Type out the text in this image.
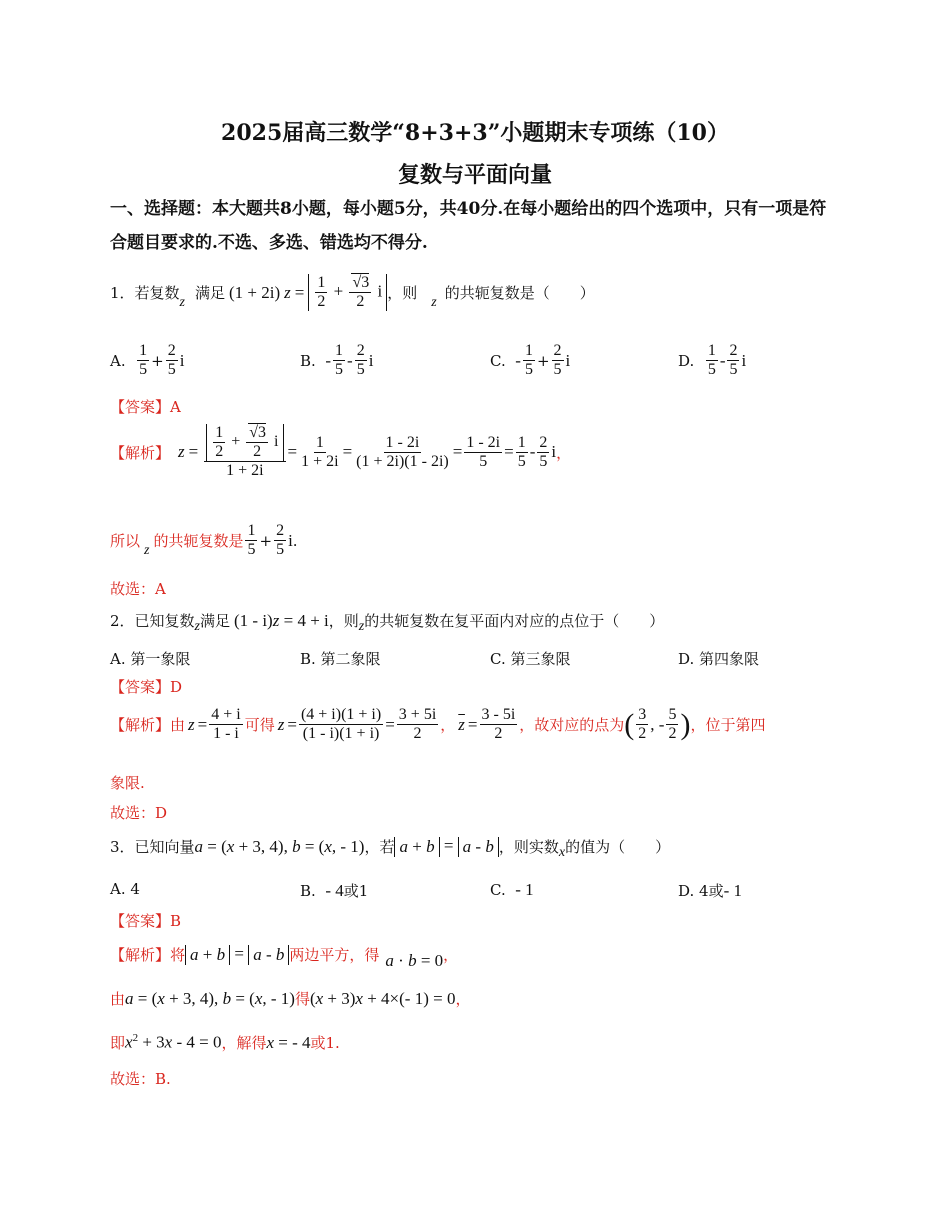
2025届高三数学“8+3+3”小题期末专项练（10）
复数与平面向量
一、选择题：本大题共8小题，每小题5分，共40分.在每小题给出的四个选项中，只有一项是符合题目要求的.不选、多选、错选均不得分.
1．若复数 z 满足 (1 + 2i) $z = \frac{1}{2} + \frac{√3}{2}$ i ，则 z 的共轭复数是（　　）
A.
$\frac{1}{5} + \frac{2}{5}$ i	B.
- $\frac{1}{5} - \frac{2}{5}$ i	C.
- $\frac{1}{5} + \frac{2}{5}$ i	D.
$\frac{1}{5} - \frac{2}{5}$ i
【答案】A
【解析】 $z = \frac{\frac{1}{2} + \frac{√3}{2} i}{1 + 2i} = \frac{1}{1 + 2i} = \frac{1 - 2i}{(1 + 2i)(1 - 2i)} = \frac{1 - 2i}{5} = \frac{1}{5} - \frac{2}{5}$ i ，
所以 z 的共轭复数是 $\frac{1}{5} + \frac{2}{5}$ i .
故选：A
2．已知复数 z 满足 (1 - i)z = 4 + i ，则 z 的共轭复数在复平面内对应的点位于（　　）
A. 第一象限	B. 第二象限	C. 第三象限	D. 第四象限
【答案】D
【解析】 由 $z = \frac{4 + i}{1 - i}$ 可得 $z = \frac{(4 + i)(1 + i)}{(1 - i)(1 + i)} = \frac{3 + 5i}{2}$ ， $\overline{z} = \frac{3 - 5i}{2}$ ，故对应的点为 ( $\frac{3}{2}$ , - $\frac{5}{2}$ ) ，位于第四
象限.
故选：D
3．已知向量 a = (x + 3, 4), b = (x, - 1) ，若 a + b = a - b ，则实数 x 的值为（　　）
A. 4	B.
- 4 或1	C.
- 1	D. 4或 - 1
【答案】B
【解析】 将 a + b = a - b 两边平方，得 a · b = 0 ，
由 a = (x + 3, 4), b = (x, - 1) 得 (x + 3)x + 4×(- 1) = 0 ，
即 $x^2 + 3x - 4 = 0$ ，解得 x = - 4 或1.
故选：B.
